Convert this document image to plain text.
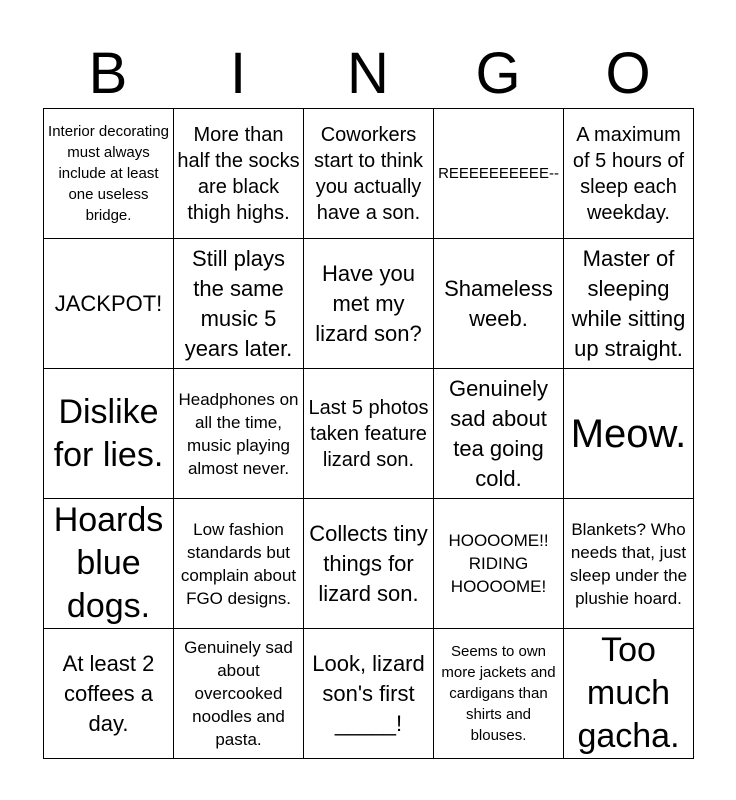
B	I	N	G	O
Interior decorating must always include at least one useless bridge.	More than half the socks are black thigh highs.	Coworkers start to think you actually have a son.	REEEEEEEEEE--	A maximum of 5 hours of sleep each weekday.
JACKPOT!	Still plays the same music 5 years later.	Have you met my lizard son?	Shameless weeb.	Master of sleeping while sitting up straight.
Dislike for lies.	Headphones on all the time, music playing almost never.	Last 5 photos taken feature lizard son.	Genuinely sad about tea going cold.	Meow.
Hoards blue dogs.	Low fashion standards but complain about FGO designs.	Collects tiny things for lizard son.	HOOOOME!! RIDING HOOOOME!	Blankets? Who needs that, just sleep under the plushie hoard.
At least 2 coffees a day.	Genuinely sad about overcooked noodles and pasta.	Look, lizard son's first _____!	Seems to own more jackets and cardigans than shirts and blouses.	Too much gacha.
